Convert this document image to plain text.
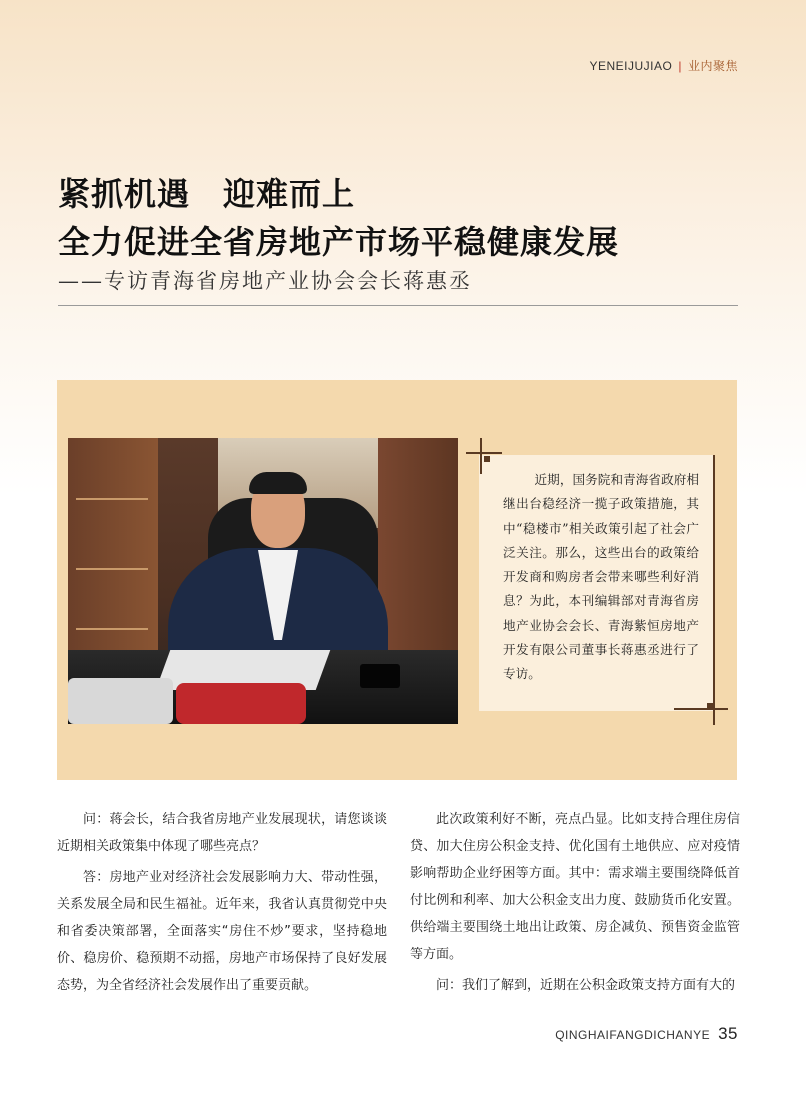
YENEIJUJIAO | 业内聚焦
紧抓机遇　迎难而上
全力促进全省房地产市场平稳健康发展
——专访青海省房地产业协会会长蒋惠丞

近期，国务院和青海省政府相继出台稳经济一揽子政策措施，其中“稳楼市”相关政策引起了社会广泛关注。那么，这些出台的政策给开发商和购房者会带来哪些利好消息？为此，本刊编辑部对青海省房地产业协会会长、青海紫恒房地产开发有限公司董事长蒋惠丞进行了专访。

问：蒋会长，结合我省房地产业发展现状，请您谈谈近期相关政策集中体现了哪些亮点？

答：房地产业对经济社会发展影响力大、带动性强，关系发展全局和民生福祉。近年来，我省认真贯彻党中央和省委决策部署，全面落实“房住不炒”要求，坚持稳地价、稳房价、稳预期不动摇，房地产市场保持了良好发展态势，为全省经济社会发展作出了重要贡献。

此次政策利好不断，亮点凸显。比如支持合理住房信贷、加大住房公积金支持、优化国有土地供应、应对疫情影响帮助企业纾困等方面。其中：需求端主要围绕降低首付比例和利率、加大公积金支出力度、鼓励货币化安置。供给端主要围绕土地出让政策、房企减负、预售资金监管等方面。

问：我们了解到，近期在公积金政策支持方面有大的

QINGHAIFANGDICHANYE 35
